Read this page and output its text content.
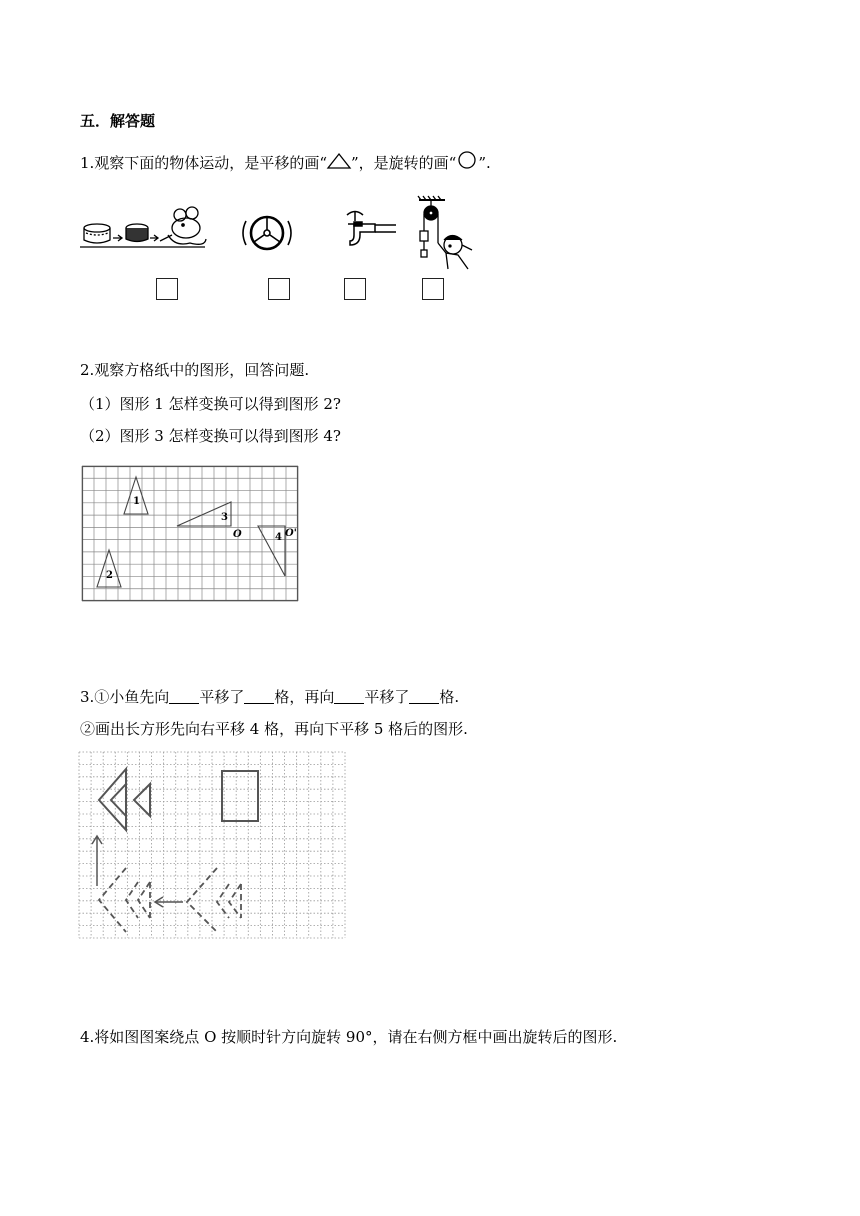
五．解答题
1.观察下面的物体运动，是平移的画“ ”，是旋转的画“ ”.
2.观察方格纸中的图形，回答问题.
（1）图形 1 怎样变换可以得到图形 2?
（2）图形 3 怎样变换可以得到图形 4?
1
2
3
4
O	O'
3.①小鱼先向 平移了 格，再向 平移了 格.
②画出长方形先向右平移 4 格，再向下平移 5 格后的图形.
4.将如图图案绕点 O 按顺时针方向旋转 90°，请在右侧方框中画出旋转后的图形.
